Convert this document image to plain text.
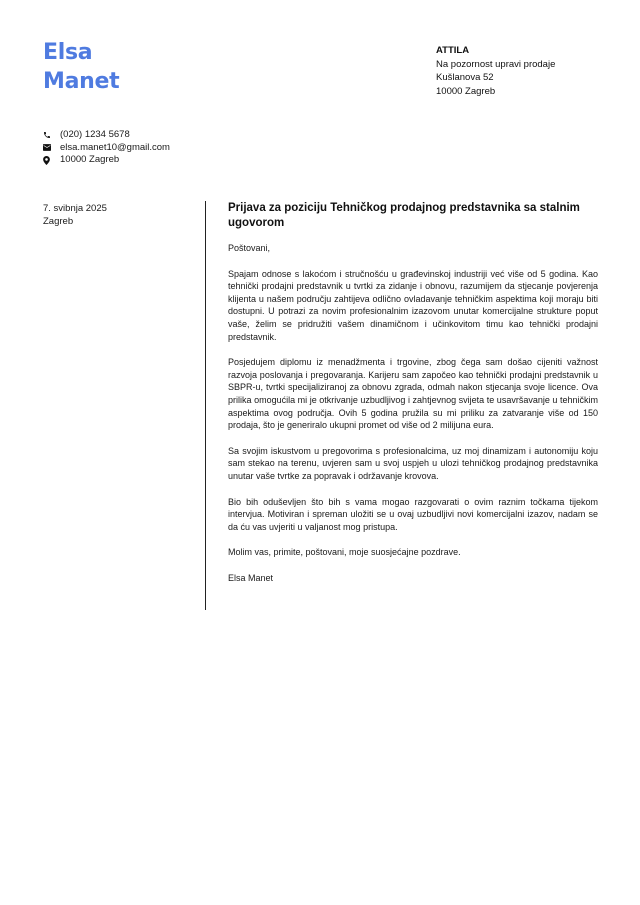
Elsa
Manet
ATTILA
Na pozornost upravi prodaje
Kušlanova 52
10000 Zagreb
(020) 1234 5678
elsa.manet10@gmail.com
10000 Zagreb
7. svibnja 2025
Zagreb
Prijava za poziciju Tehničkog prodajnog predstavnika sa stalnim ugovorom

Poštovani,

Spajam odnose s lakoćom i stručnošću u građevinskoj industriji već više od 5 godina. Kao tehnički prodajni predstavnik u tvrtki za zidanje i obnovu, razumijem da stjecanje povjerenja klijenta u našem području zahtijeva odlično ovladavanje tehničkim aspektima koji moraju biti dostupni. U potrazi za novim profesionalnim izazovom unutar komercijalne strukture poput vaše, želim se pridružiti vašem dinamičnom i učinkovitom timu kao tehnički prodajni predstavnik.

Posjedujem diplomu iz menadžmenta i trgovine, zbog čega sam došao cijeniti važnost razvoja poslovanja i pregovaranja. Karijeru sam započeo kao tehnički prodajni predstavnik u SBPR-u, tvrtki specijaliziranoj za obnovu zgrada, odmah nakon stjecanja svoje licence. Ova prilika omogućila mi je otkrivanje uzbudljivog i zahtjevnog svijeta te usavršavanje u tehničkim aspektima ovog područja. Ovih 5 godina pružila su mi priliku za zatvaranje više od 150 prodaja, što je generiralo ukupni promet od više od 2 milijuna eura.

Sa svojim iskustvom u pregovorima s profesionalcima, uz moj dinamizam i autonomiju koju sam stekao na terenu, uvjeren sam u svoj uspjeh u ulozi tehničkog prodajnog predstavnika unutar vaše tvrtke za popravak i održavanje krovova.

Bio bih oduševljen što bih s vama mogao razgovarati o ovim raznim točkama tijekom intervjua. Motiviran i spreman uložiti se u ovaj uzbudljivi novi komercijalni izazov, nadam se da ću vas uvjeriti u valjanost mog pristupa.

Molim vas, primite, poštovani, moje suosjećajne pozdrave.

Elsa Manet
